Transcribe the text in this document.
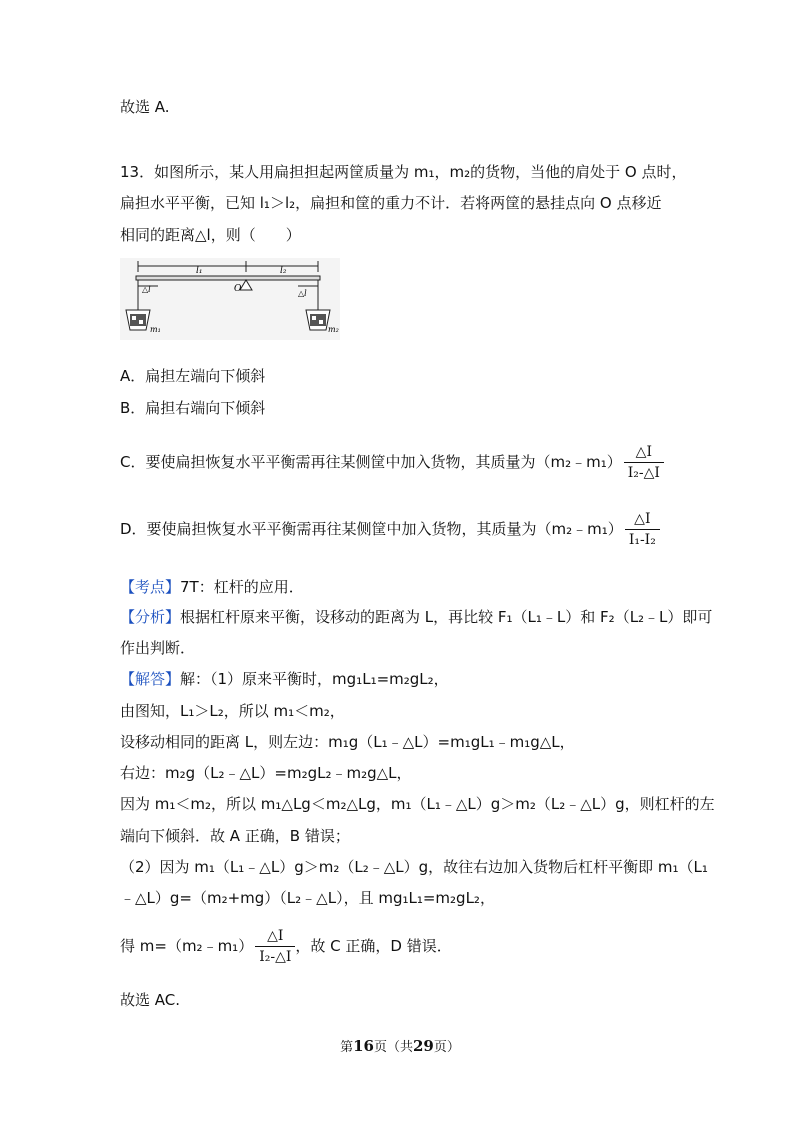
故选 A.
13．如图所示，某人用扁担担起两筐质量为 m₁，m₂的货物，当他的肩处于 O 点时，
扁担水平平衡，已知 l₁＞l₂，扁担和筐的重力不计．若将两筐的悬挂点向 O 点移近
相同的距离△l，则（　　）
l₁	l₂
O
△l	△l
m₁	m₂
A．扁担左端向下倾斜
B．扁担右端向下倾斜
C．要使扁担恢复水平平衡需再往某侧筐中加入货物，其质量为（m₂﹣m₁） $\frac{\triangle I}{\text{I₂-△I}}$
D．要使扁担恢复水平平衡需再往某侧筐中加入货物，其质量为（m₂﹣m₁） $\frac{\triangle I}{\text{I₁-I₂}}$
【考点】7T：杠杆的应用．
【分析】根据杠杆原来平衡，设移动的距离为 L，再比较 F₁（L₁﹣L）和 F₂（L₂﹣L）即可
作出判断．
【解答】解：（1）原来平衡时，mg₁L₁=m₂gL₂，
由图知，L₁＞L₂，所以 m₁＜m₂，
设移动相同的距离 L，则左边：m₁g（L₁﹣△L）=m₁gL₁﹣m₁g△L，
右边：m₂g（L₂﹣△L）=m₂gL₂﹣m₂g△L，
因为 m₁＜m₂，所以 m₁△Lg＜m₂△Lg，m₁（L₁﹣△L）g＞m₂（L₂﹣△L）g，则杠杆的左
端向下倾斜．故 A 正确，B 错误；
（2）因为 m₁（L₁﹣△L）g＞m₂（L₂﹣△L）g，故往右边加入货物后杠杆平衡即 m₁（L₁
﹣△L）g=（m₂+mg）（L₂﹣△L），且 mg₁L₁=m₂gL₂，
得 m=（m₂﹣m₁） $\frac{\triangle I}{\text{I₂-△I}}$ ，故 C 正确，D 错误．
故选 AC.
第16页（共29页）
